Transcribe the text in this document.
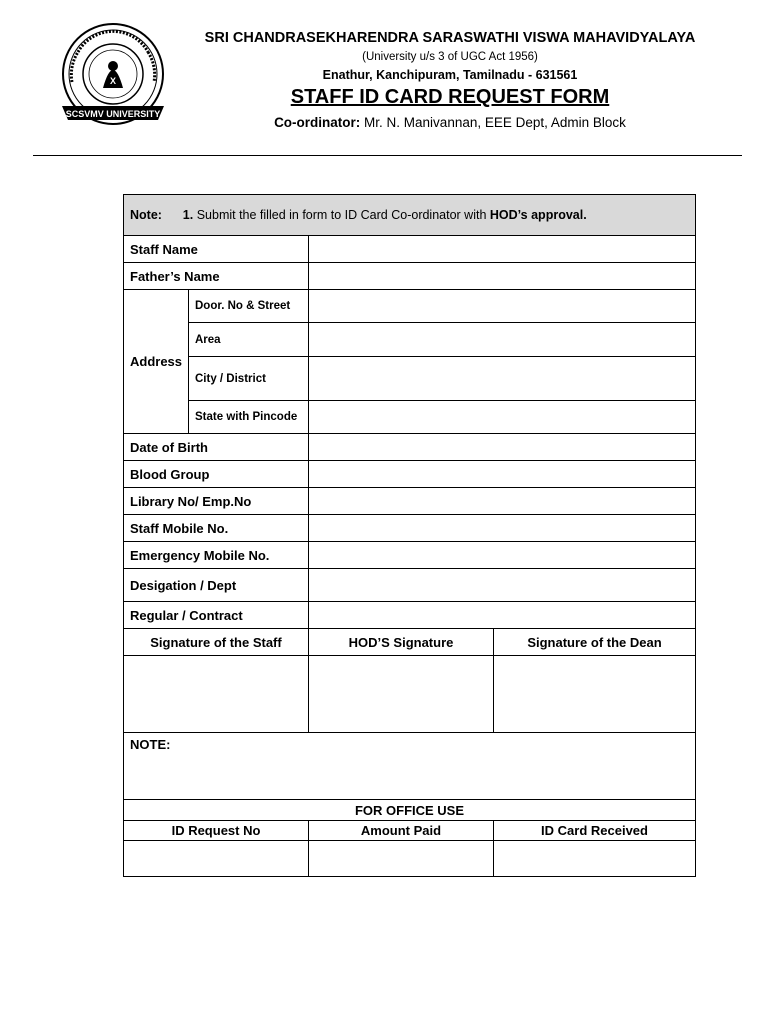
X
SCSVMV UNIVERSITY
SRI CHANDRASEKHARENDRA SARASWATHI VISWA MAHAVIDYALAYA
(University u/s 3 of UGC Act 1956)
Enathur, Kanchipuram, Tamilnadu - 631561
STAFF ID CARD REQUEST FORM
Co-ordinator: Mr. N. Manivannan, EEE Dept, Admin Block
Note: 1. Submit the filled in form to ID Card Co-ordinator with HOD’s approval.			
Staff Name			
Father’s Name			
Address	Door. No & Street		
	Area		
	City / District		
	State with Pincode		
Date of Birth			
Blood Group			
Library No/ Emp.No			
Staff Mobile No.			
Emergency Mobile No.			
Desigation / Dept			
Regular / Contract			
Signature of the Staff		HOD’S Signature	Signature of the Dean

NOTE:			
FOR OFFICE USE			
ID Request No		Amount Paid	ID Card Received
